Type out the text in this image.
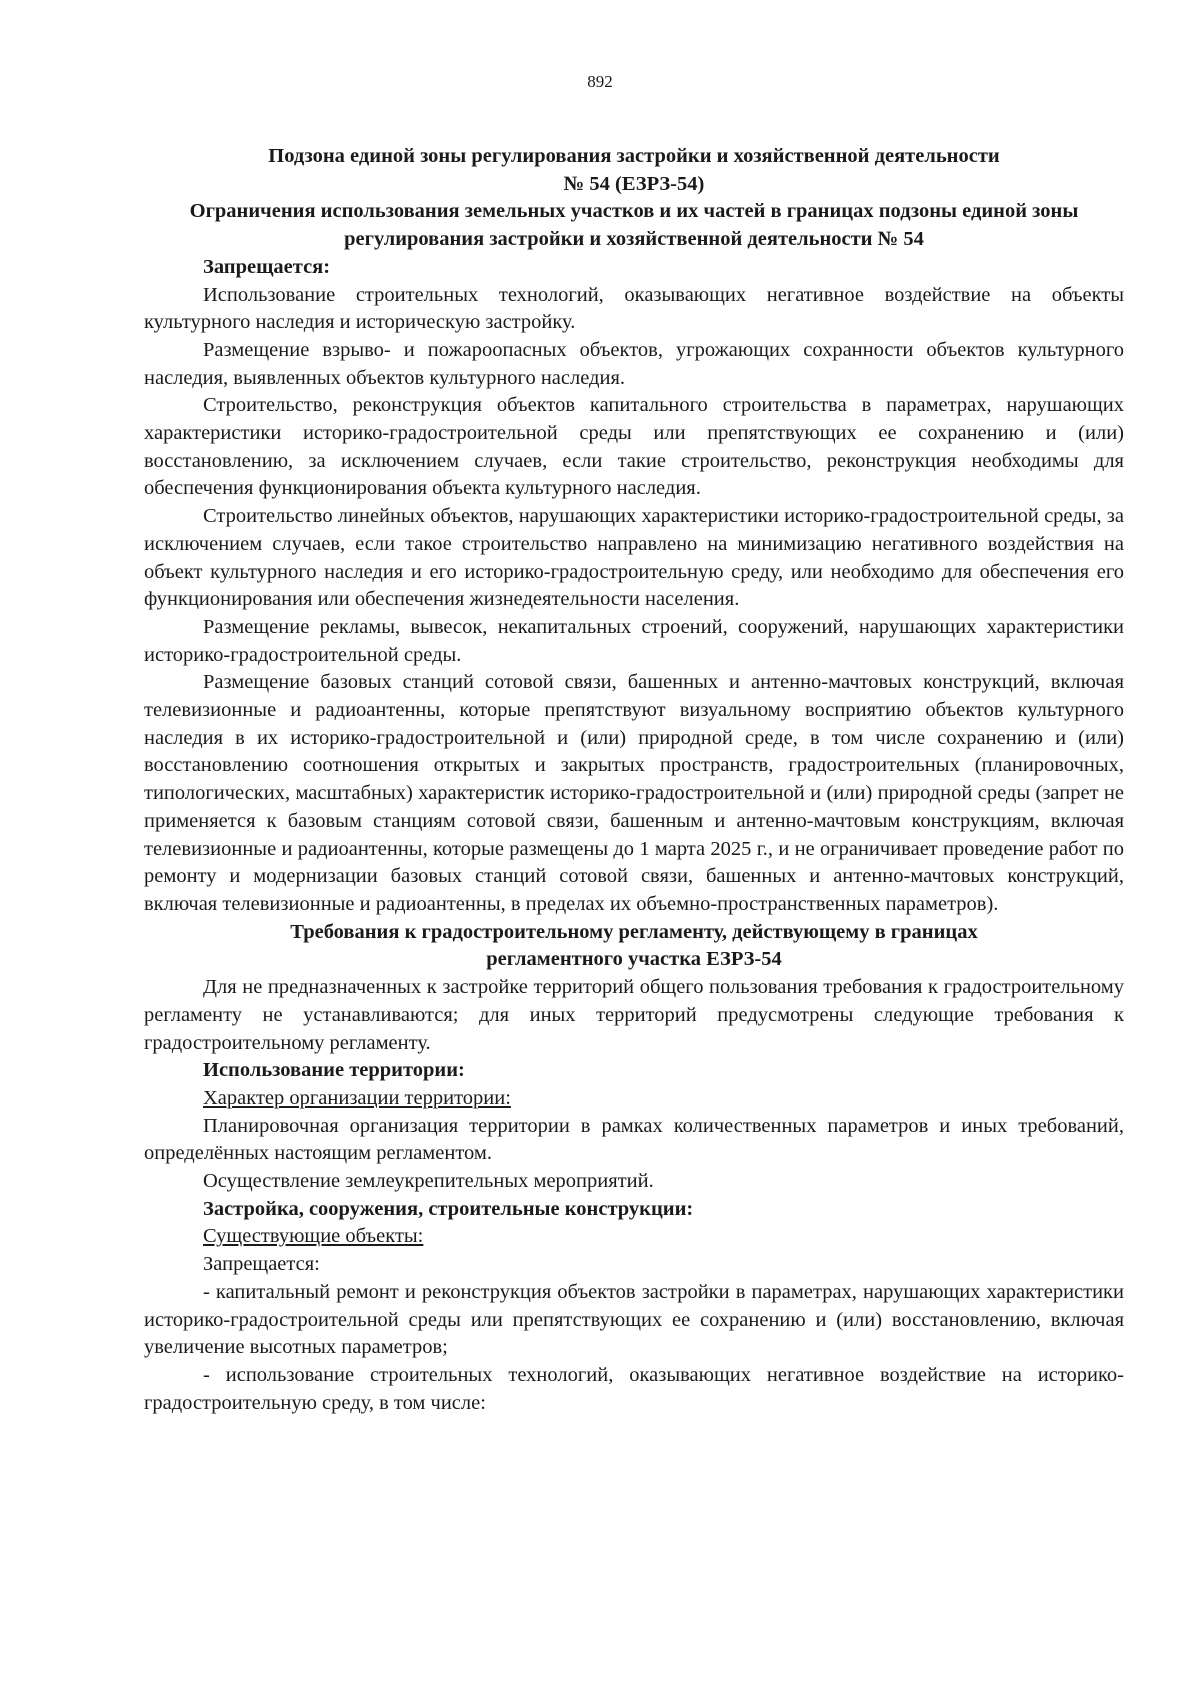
892

Подзона единой зоны регулирования застройки и хозяйственной деятельности

№ 54 (ЕЗРЗ-54)

Ограничения использования земельных участков и их частей в границах подзоны единой зоны регулирования застройки и хозяйственной деятельности № 54

Запрещается:

Использование строительных технологий, оказывающих негативное воздействие на объекты культурного наследия и историческую застройку.

Размещение взрыво- и пожароопасных объектов, угрожающих сохранности объектов культурного наследия, выявленных объектов культурного наследия.

Строительство, реконструкция объектов капитального строительства в параметрах, нарушающих характеристики историко-градостроительной среды или препятствующих ее сохранению и (или) восстановлению, за исключением случаев, если такие строительство, реконструкция необходимы для обеспечения функционирования объекта культурного наследия.

Строительство линейных объектов, нарушающих характеристики историко-градостроительной среды, за исключением случаев, если такое строительство направлено на минимизацию негативного воздействия на объект культурного наследия и его историко-градостроительную среду, или необходимо для обеспечения его функционирования или обеспечения жизнедеятельности населения.

Размещение рекламы, вывесок, некапитальных строений, сооружений, нарушающих характеристики историко-градостроительной среды.

Размещение базовых станций сотовой связи, башенных и антенно-мачтовых конструкций, включая телевизионные и радиоантенны, которые препятствуют визуальному восприятию объектов культурного наследия в их историко-градостроительной и (или) природной среде, в том числе сохранению и (или) восстановлению соотношения открытых и закрытых пространств, градостроительных (планировочных, типологических, масштабных) характеристик историко-градостроительной и (или) природной среды (запрет не применяется к базовым станциям сотовой связи, башенным и антенно-мачтовым конструкциям, включая телевизионные и радиоантенны, которые размещены до 1 марта 2025 г., и не ограничивает проведение работ по ремонту и модернизации базовых станций сотовой связи, башенных и антенно-мачтовых конструкций, включая телевизионные и радиоантенны, в пределах их объемно-пространственных параметров).

Требования к градостроительному регламенту, действующему в границах

регламентного участка ЕЗРЗ-54

Для не предназначенных к застройке территорий общего пользования требования к градостроительному регламенту не устанавливаются; для иных территорий предусмотрены следующие требования к градостроительному регламенту.

Использование территории:

Характер организации территории:

Планировочная организация территории в рамках количественных параметров и иных требований, определённых настоящим регламентом.

Осуществление землеукрепительных мероприятий.

Застройка, сооружения, строительные конструкции:

Существующие объекты:

Запрещается:

- капитальный ремонт и реконструкция объектов застройки в параметрах, нарушающих характеристики историко-градостроительной среды или препятствующих ее сохранению и (или) восстановлению, включая увеличение высотных параметров;

- использование строительных технологий, оказывающих негативное воздействие на историко-градостроительную среду, в том числе:
